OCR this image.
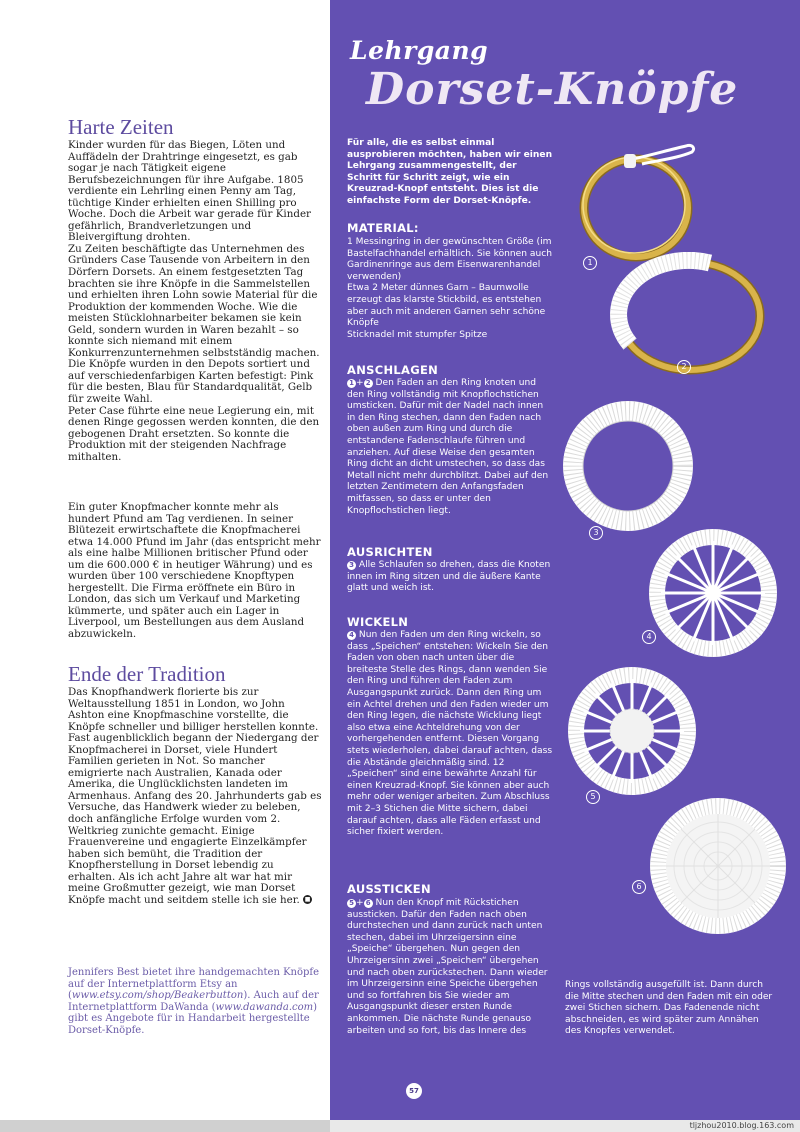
Harte Zeiten

Kinder wurden für das Biegen, Löten und Auffädeln der Drahtringe eingesetzt, es gab sogar je nach Tätigkeit eigene Berufsbezeichnungen für ihre Aufgabe. 1805 verdiente ein Lehrling einen Penny am Tag, tüchtige Kinder erhielten einen Shilling pro Woche. Doch die Arbeit war gerade für Kinder gefährlich, Brandverletzungen und Bleivergiftung drohten.

Zu Zeiten beschäftigte das Unternehmen des Gründers Case Tausende von Arbeitern in den Dörfern Dorsets. An einem festgesetzten Tag brachten sie ihre Knöpfe in die Sammelstellen und erhielten ihren Lohn sowie Material für die Produktion der kommenden Woche. Wie die meisten Stücklohnarbeiter bekamen sie kein Geld, sondern wurden in Waren bezahlt – so konnte sich niemand mit einem Konkurrenzunternehmen selbstständig machen. Die Knöpfe wurden in den Depots sortiert und auf verschiedenfarbigen Karten befestigt: Pink für die besten, Blau für Standardqualität, Gelb für zweite Wahl.

Peter Case führte eine neue Legierung ein, mit denen Ringe gegossen werden konnten, die den gebogenen Draht ersetzten. So konnte die Produktion mit der steigenden Nachfrage mithalten.

Ein guter Knopfmacher konnte mehr als hundert Pfund am Tag verdienen. In seiner Blütezeit erwirtschaftete die Knopfmacherei etwa 14.000 Pfund im Jahr (das entspricht mehr als eine halbe Millionen britischer Pfund oder um die 600.000 € in heutiger Währung) und es wurden über 100 verschiedene Knopftypen hergestellt. Die Firma eröffnete ein Büro in London, das sich um Verkauf und Marketing kümmerte, und später auch ein Lager in Liverpool, um Bestellungen aus dem Ausland abzuwickeln.

Ende der Tradition

Das Knopfhandwerk florierte bis zur Weltausstellung 1851 in London, wo John Ashton eine Knopfmaschine vorstellte, die Knöpfe schneller und billiger herstellen konnte. Fast augenblicklich begann der Niedergang der Knopfmacherei in Dorset, viele Hundert Familien gerieten in Not. So mancher emigrierte nach Australien, Kanada oder Amerika, die Unglücklichsten landeten im Armenhaus. Anfang des 20. Jahrhunderts gab es Versuche, das Handwerk wieder zu beleben, doch anfängliche Erfolge wurden vom 2. Weltkrieg zunichte gemacht. Einige Frauenvereine und engagierte Einzelkämpfer haben sich bemüht, die Tradition der Knopfherstellung in Dorset lebendig zu erhalten. Als ich acht Jahre alt war hat mir meine Großmutter gezeigt, wie man Dorset Knöpfe macht und seitdem stelle ich sie her. ■

Jennifers Best bietet ihre handgemachten Knöpfe auf der Internetplattform Etsy an (www.etsy.com/shop/Beakerbutton). Auch auf der Internetplattform DaWanda (www.dawanda.com) gibt es Angebote für in Handarbeit hergestellte Dorset-Knöpfe.

Lehrgang

Dorset-Knöpfe

Für alle, die es selbst einmal ausprobieren möchten, haben wir einen Lehrgang zusammengestellt, der Schritt für Schritt zeigt, wie ein Kreuzrad-Knopf entsteht. Dies ist die einfachste Form der Dorset-Knöpfe.

MATERIAL:

1 Messingring in der gewünschten Größe (im Bastelfachhandel erhältlich. Sie können auch Gardinenringe aus dem Eisenwarenhandel verwenden)

Etwa 2 Meter dünnes Garn – Baumwolle erzeugt das klarste Stickbild, es entstehen aber auch mit anderen Garnen sehr schöne Knöpfe

Sticknadel mit stumpfer Spitze

ANSCHLAGEN

1 + 2 Den Faden an den Ring knoten und den Ring vollständig mit Knopflochstichen umsticken. Dafür mit der Nadel nach innen in den Ring stechen, dann den Faden nach oben außen zum Ring und durch die entstandene Fadenschlaufe führen und anziehen. Auf diese Weise den gesamten Ring dicht an dicht umstechen, so dass das Metall nicht mehr durchblitzt. Dabei auf den letzten Zentimetern den Anfangsfaden mitfassen, so dass er unter den Knopflochstichen liegt.

AUSRICHTEN

3 Alle Schlaufen so drehen, dass die Knoten innen im Ring sitzen und die äußere Kante glatt und weich ist.

WICKELN

4 Nun den Faden um den Ring wickeln, so dass „Speichen“ entstehen: Wickeln Sie den Faden von oben nach unten über die breiteste Stelle des Rings, dann wenden Sie den Ring und führen den Faden zum Ausgangspunkt zurück. Dann den Ring um ein Achtel drehen und den Faden wieder um den Ring legen, die nächste Wicklung liegt also etwa eine Achteldrehung von der vorhergehenden entfernt. Diesen Vorgang stets wiederholen, dabei darauf achten, dass die Abstände gleichmäßig sind. 12 „Speichen“ sind eine bewährte Anzahl für einen Kreuzrad-Knopf. Sie können aber auch mehr oder weniger arbeiten. Zum Abschluss mit 2–3 Stichen die Mitte sichern, dabei darauf achten, dass alle Fäden erfasst und sicher fixiert werden.

AUSSTICKEN

5 + 6 Nun den Knopf mit Rückstichen aussticken. Dafür den Faden nach oben durchstechen und dann zurück nach unten stechen, dabei im Uhrzeigersinn eine „Speiche“ übergehen. Nun gegen den Uhrzeigersinn zwei „Speichen“ übergehen und nach oben zurückstechen. Dann wieder im Uhrzeigersinn eine Speiche übergehen und so fortfahren bis Sie wieder am Ausgangspunkt dieser ersten Runde ankommen. Die nächste Runde genauso arbeiten und so fort, bis das Innere des

Rings vollständig ausgefüllt ist. Dann durch die Mitte stechen und den Faden mit ein oder zwei Stichen sichern. Das Fadenende nicht abschneiden, es wird später zum Annähen des Knopfes verwendet.

1
2
3
4
5
6
57
tljzhou2010.blog.163.com
